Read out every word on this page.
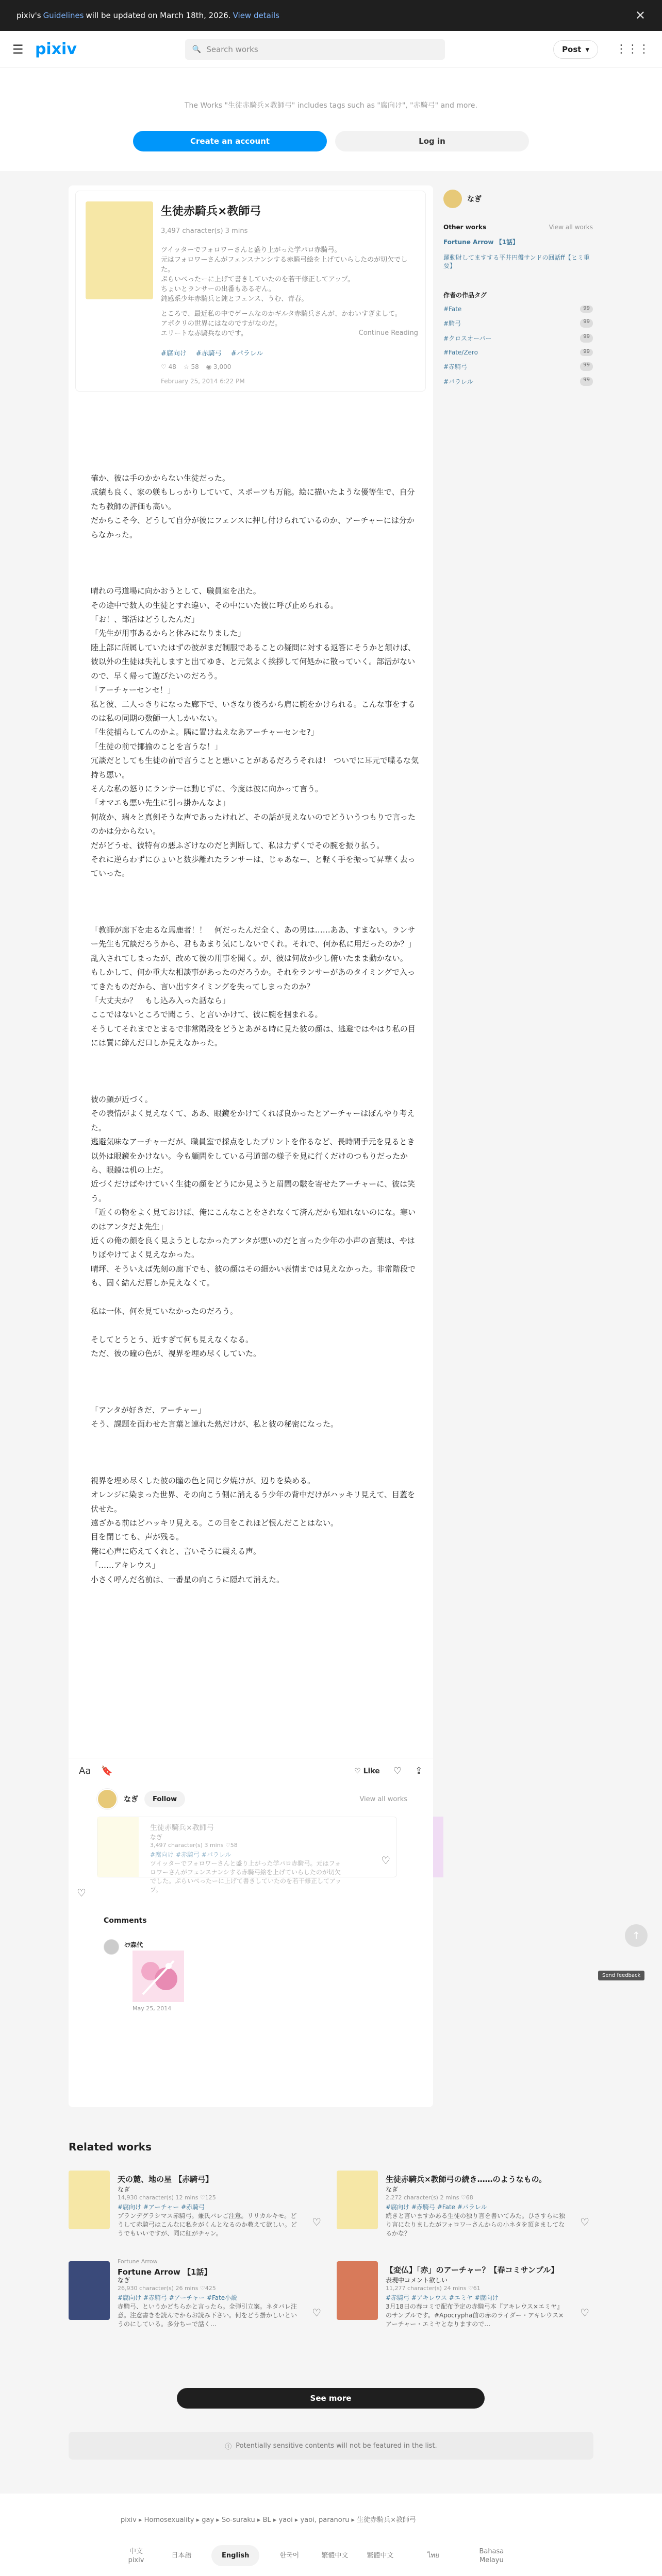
pixiv's Guidelines will be updated on March 18th, 2026. View details	✕
☰ pixiv	🔍 Search works	Post ▾ ⋮⋮⋮
The Works "生徒赤騎兵×教師弓" includes tags such as "腐向け", "赤騎弓" and more.
Create an account	Log in
生徒赤騎兵×教師弓
3,497 character(s) 3 mins

ツイッターでフォロワーさんと盛り上がった学パロ赤騎弓。
元はフォロワーさんがフェンスナンシする赤騎弓絵を上げていらしたのが切欠でした。
ぷらいべったーに上げて書きしていたのを若干修正してアップ。
ちょいとランサーの出番もあるぞん。
鈍感系少年赤騎兵と鈍とフェンス、うむ、青春。

ところで、最近私の中でゲームなのかギルタ赤騎兵さんが、かわいすぎまして。
アポクリの世界にはなのですがなのだ。
エリートな赤騎兵なのです。	Continue Reading
#腐向け #赤騎弓 #パラレル
♡ 48 ☆ 58 ◉ 3,000
February 25, 2014 6:22 PM
確か、彼は手のかからない生徒だった。
成績も良く、家の躾もしっかりしていて、スポーツも万能。絵に描いたような優等生で、自分たち教師の評価も高い。
だからこそ今、どうして自分が彼にフェンスに押し付けられているのか、アーチャーには分からなかった。

晴れの弓道場に向かおうとして、職員室を出た。
その途中で数人の生徒とすれ違い、その中にいた彼に呼び止められる。
「お！、部活はどうしたんだ」
「先生が用事あるからと休みになりました」
陸上部に所属していたはずの彼がまだ制服であることの疑問に対する返答にそうかと頷けば、彼以外の生徒は失礼しますと出てゆき、と元気よく挨拶して何処かに散っていく。部活がないので、早く帰って遊びたいのだろう。
「アーチャーセンセ！」
私と彼、二人っきりになった廊下で、いきなり後ろから肩に腕をかけられる。こんな事をするのは私の同期の数師一人しかいない。
「生徒捕らしてんのかよ。隅に置けねえなあアーチャーセンセ?」
「生徒の前で揶揄のことを言うな！」
冗談だとしても生徒の前で言うことと悪いことがあるだろうそれは!　ついでに耳元で喋るな気持ち悪い。
そんな私の怒りにランサーは動じずに、今度は彼に向かって言う。
「オマエも悪い先生に引っ掛かんなよ」
何故か、瑞々と真剣そうな声であったけれど、その話が見えないのでどういうつもりで言ったのかは分からない。
だがどうせ、彼特有の悪ふざけなのだと判断して、私は力ずくでその腕を振り払う。
それに逆らわずにひょいと数歩離れたランサーは、じゃあなー、と軽く手を振って昇華く去っていった。

「教師が廊下を走るな馬鹿者！！　何だったんだ全く、あの男は……ああ、すまない。ランサー先生も冗談だろうから、君もあまり気にしないでくれ。それで、何か私に用だったのか？」
乱入されてしまったが、改めて彼の用事を聞く。が、彼は何故か少し俯いたまま動かない。
もしかして、何か重大な相談事があったのだろうか。それをランサーがあのタイミングで入ってきたものだから、言い出すタイミングを失ってしまったのか？
「大丈夫か？　もし込み入った話なら」
ここではないところで聞こう、と言いかけて、彼に腕を掴まれる。
そうしてそれまでとまるで非常階段をどうとあがる時に見た彼の顔は、逃避ではやはり私の目には質に締んだ口しか見えなかった。

彼の顔が近づく。
その表情がよく見えなくて、ああ、眼鏡をかけてくれば良かったとアーチャーはぼんやり考えた。
逃避気味なアーチャーだが、職員室で採点をしたプリントを作るなど、長時間手元を見るとき以外は眼鏡をかけない。今も顧問をしている弓道部の様子を見に行くだけのつもりだったから、眼鏡は机の上だ。
近づくだけぱやけていく生徒の顔をどうにか見ようと眉間の皺を寄せたアーチャーに、彼は笑う。
「近くの物をよく見ておけば、俺にこんなことをされなくて済んだかも知れないのにな。寒いのはアンタだよ先生」
近くの俺の顔を良く見ようとしなかったアンタが悪いのだと言った少年の小声の言葉は、やはりぼやけてよく見えなかった。
晴坪、そういえば先刻の廊下でも、彼の顔はその細かい表情までは見えなかった。非常階段でも、固く結んだ唇しか見えなくて。

私は一体、何を見ていなかったのだろう。

そしてとうとう、近すぎて何も見えなくなる。
ただ、彼の瞳の色が、視界を埋め尽くしていた。

「アンタが好きだ、アーチャー」
そう、課題を面わせた言葉と連れた熱だけが、私と彼の秘密になった。

視界を埋め尽くした彼の瞳の色と同じ夕焼けが、辺りを染める。
オレンジに染まった世界、その向こう側に消えるう少年の背中だけがハッキリ見えて、目蓋を伏せた。
遠ざかる前はどハッキリ見える。この目をこれほど恨んだことはない。
目を閉じても、声が残る。
俺に心声に応えてくれと、言いそうに震える声。
「……アキレウス」
小さく呼んだ名前は、一番星の向こうに隠れて消えた。
Aa 🔖	♡ Like ♡ ⇪
なぎ	Follow	View all works
生徒赤騎兵×教師弓
なぎ
3,497 character(s) 3 mins ♡58
#腐向け #赤騎弓 #パラレル
ツイッターでフォロワーさんと盛り上がった学パロ赤騎弓。元はフォロワーさんがフェンスナンシする赤騎弓絵を上げていらしたのが切欠でした。ぷらいべったーに上げて書きしていたのを若干修正してアップ。
♡
♡
Comments
ﾐﾂ森代
May 25, 2014
なぎ
Other works	View all works
Fortune Arrow 【1話】
躍動財してますする平井円盤サンドの回話ff【ヒミ重要】
作者の作品タグ
#Fate	99
#騎弓	99
#クロスオーバー	99
#Fate/Zero	99
#赤騎弓	99
#パラレル	99
↑
Send feedback
Related works
天の麓、地の星 【赤騎弓】
なぎ
14,930 character(s) 12 mins ♡125
#腐向け #アーチャー #赤騎弓
ブランデグラシマス赤騎弓。兼氏バレご注意。リリカルキモ。どうして赤騎弓はこんなに私をがくんとなるのか教えて欲しい。どうでもいいですが、同に紅がチャン。
♡
生徒赤騎兵×教師弓の続き……のようなもの。
なぎ
2,272 character(s) 2 mins ♡68
#腐向け #赤騎弓 #Fate #パラレル
続きと言いますかある生徒の独り言を書いてみた。ひさすらに独り言になりましたがフォロワーさんからの小ネタを頂きましてなるかな？
♡
Fortune Arrow
Fortune Arrow 【1話】
なぎ
26,930 character(s) 26 mins ♡425
#腐向け #赤騎弓 #アーチャー #Fate小説
赤騎弓、というかどちらかと言ったら。全弾引立案。ネタバレ注意。注意書きを読んでからお読み下さい。何をどう掛かしいというのにしている。多分ちーで話く…
♡
【変仏】「赤」のアーチャー？【春コミサンプル】
表現中コメント欲しい
11,277 character(s) 24 mins ♡61
#赤騎弓 #アキレウス #エミヤ #腐向け
3月18日の春コミで配布予定の赤騎弓本『アキレウス×エミヤ』のサンプルです。#Apocrypha前の赤のライダー・アキレウス×アーチャー・エミヤとなりますので…
♡
See more
ⓘ Potentially sensitive contents will not be featured in the list.
pixiv ▸ Homosexuality ▸ gay ▸ So-suraku ▸ BL ▸ yaoi ▸ yaoi, paranoru ▸ 生徒赤騎兵×教師弓
中文
pixiv
日本語	English	한국어	繁體中文	繁體中文	ไทย
Bahasa Melayu
